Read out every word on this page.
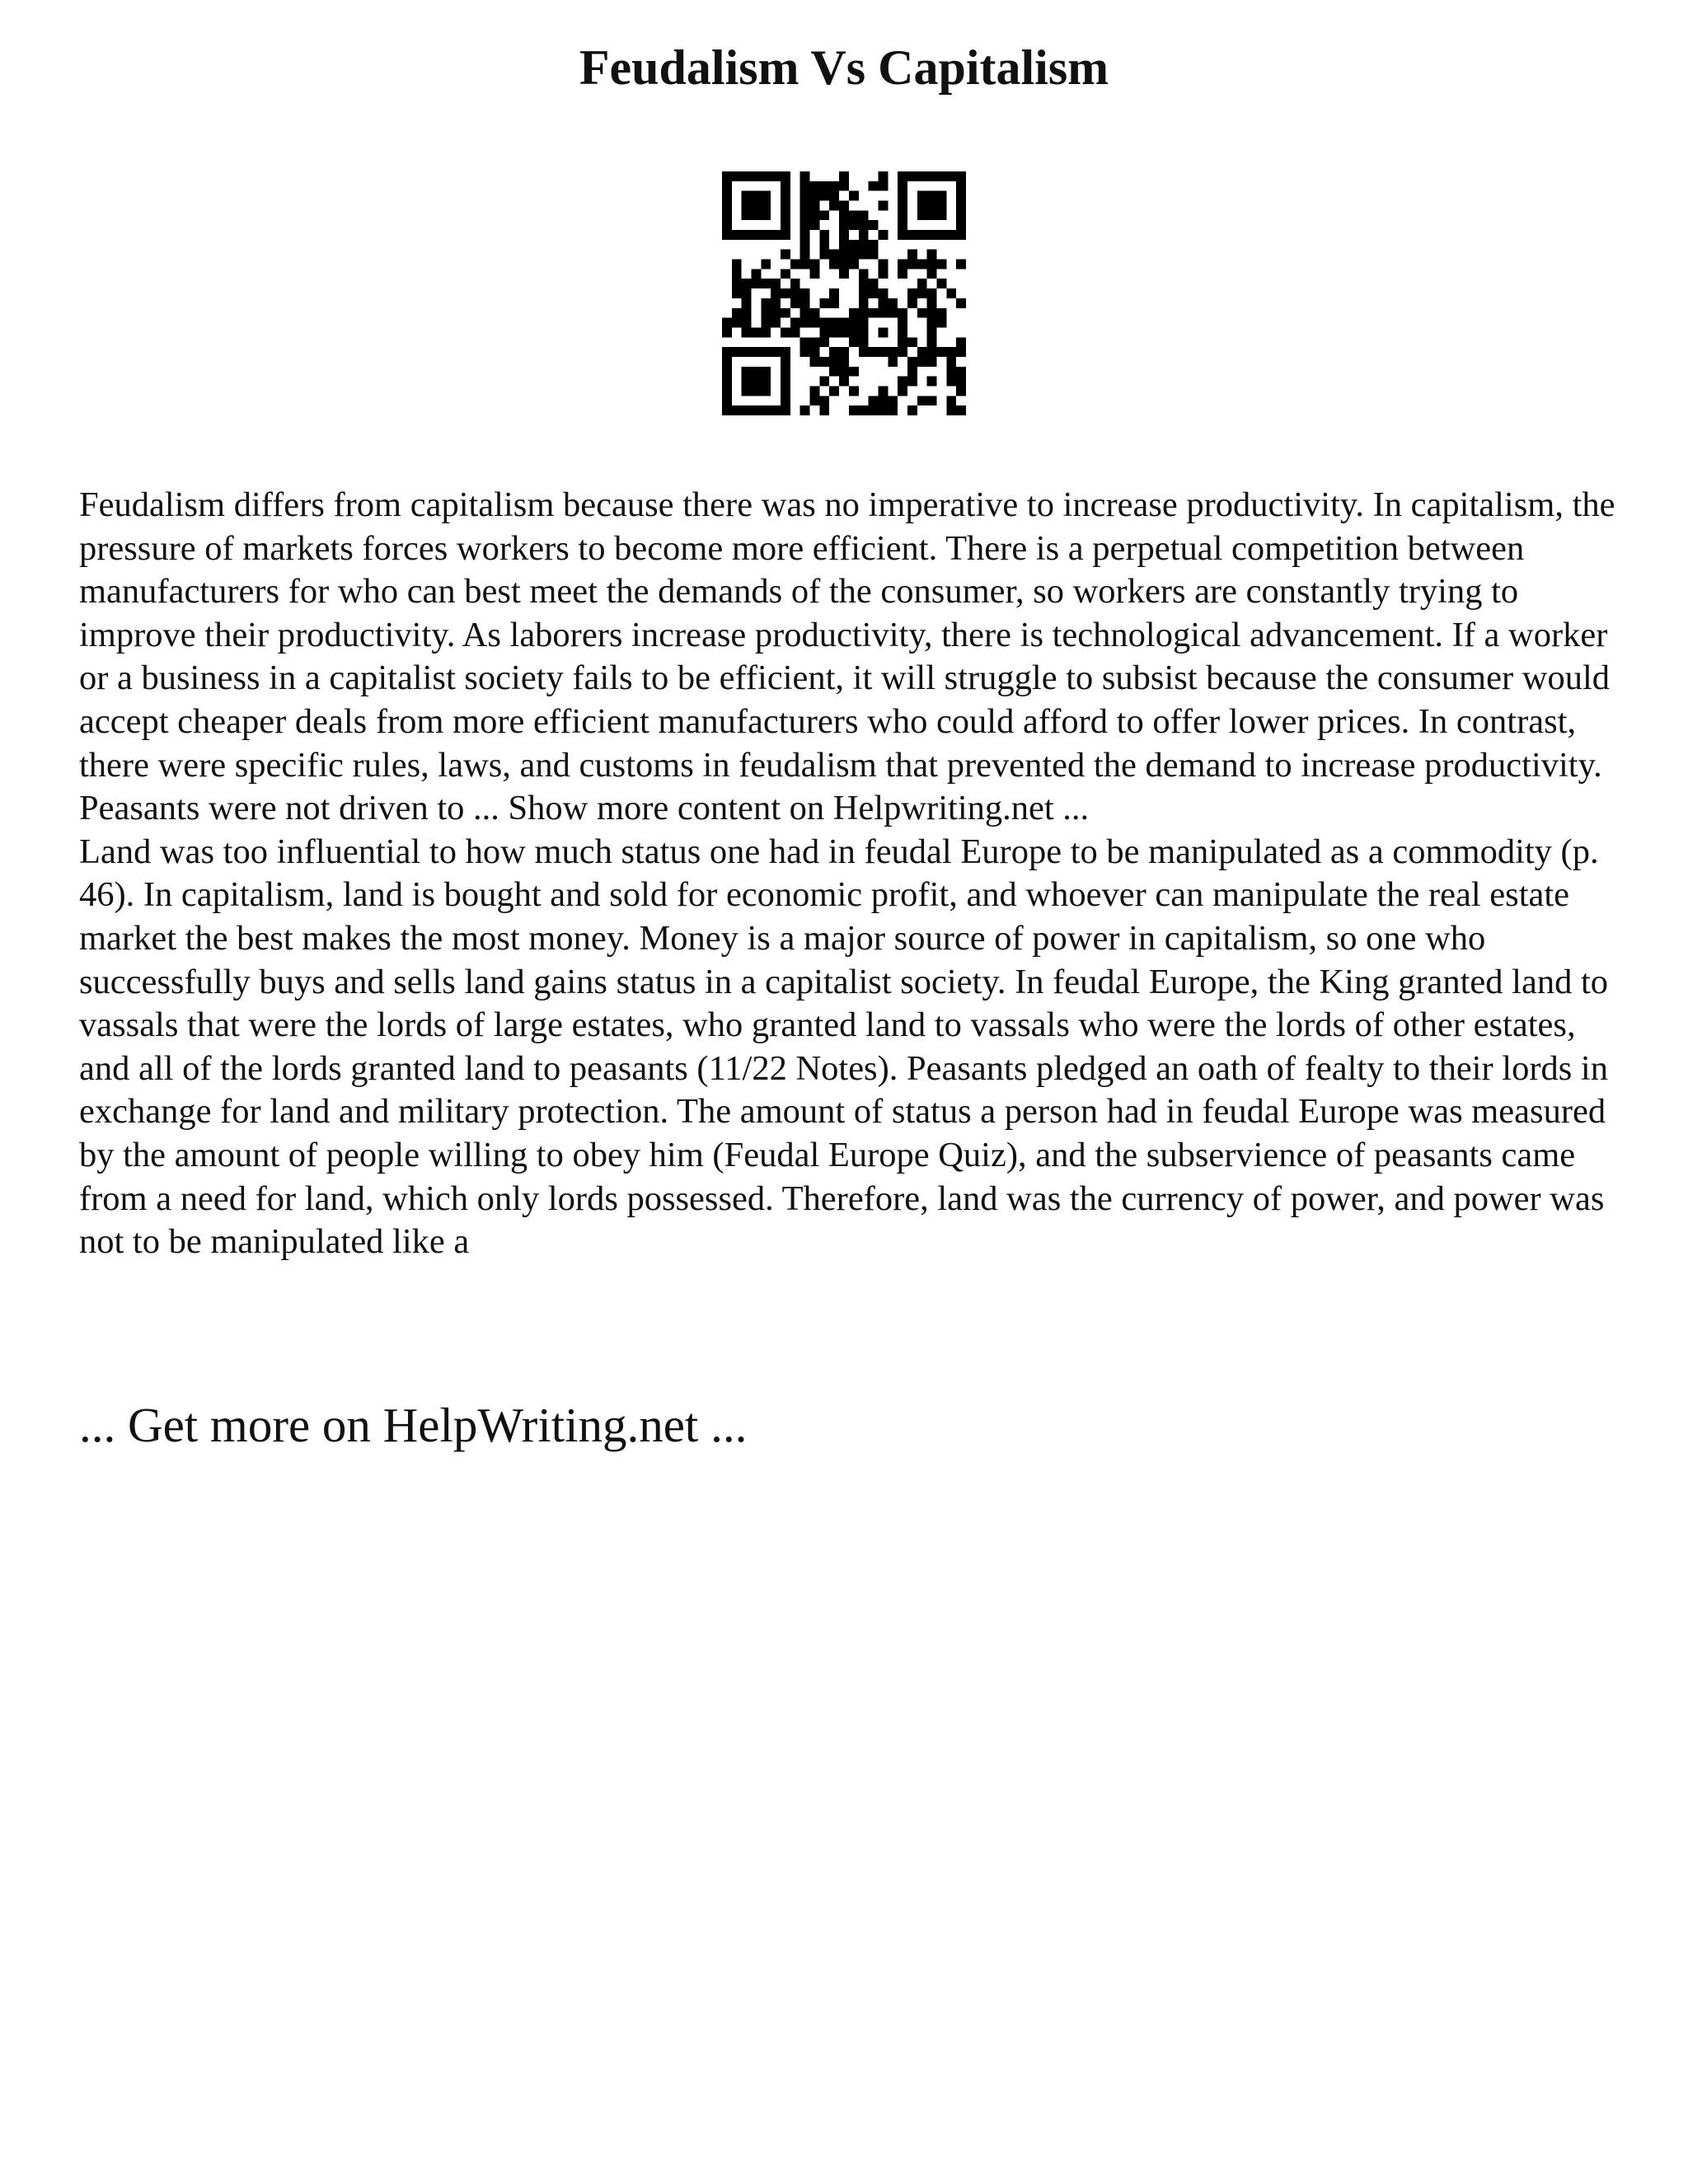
Feudalism Vs Capitalism

Feudalism differs from capitalism because there was no imperative to increase productivity. In capitalism, the pressure of markets forces workers to become more efficient. There is a perpetual competition between manufacturers for who can best meet the demands of the consumer, so workers are constantly trying to improve their productivity. As laborers increase productivity, there is technological advancement. If a worker or a business in a capitalist society fails to be efficient, it will struggle to subsist because the consumer would accept cheaper deals from more efficient manufacturers who could afford to offer lower prices. In contrast, there were specific rules, laws, and customs in feudalism that prevented the demand to increase productivity. Peasants were not driven to ... Show more content on Helpwriting.net ...

Land was too influential to how much status one had in feudal Europe to be manipulated as a commodity (p. 46). In capitalism, land is bought and sold for economic profit, and whoever can manipulate the real estate market the best makes the most money. Money is a major source of power in capitalism, so one who successfully buys and sells land gains status in a capitalist society. In feudal Europe, the King granted land to vassals that were the lords of large estates, who granted land to vassals who were the lords of other estates, and all of the lords granted land to peasants (11/22 Notes). Peasants pledged an oath of fealty to their lords in exchange for land and military protection. The amount of status a person had in feudal Europe was measured by the amount of people willing to obey him (Feudal Europe Quiz), and the subservience of peasants came from a need for land, which only lords possessed. Therefore, land was the currency of power, and power was not to be manipulated like a

... Get more on HelpWriting.net ...
